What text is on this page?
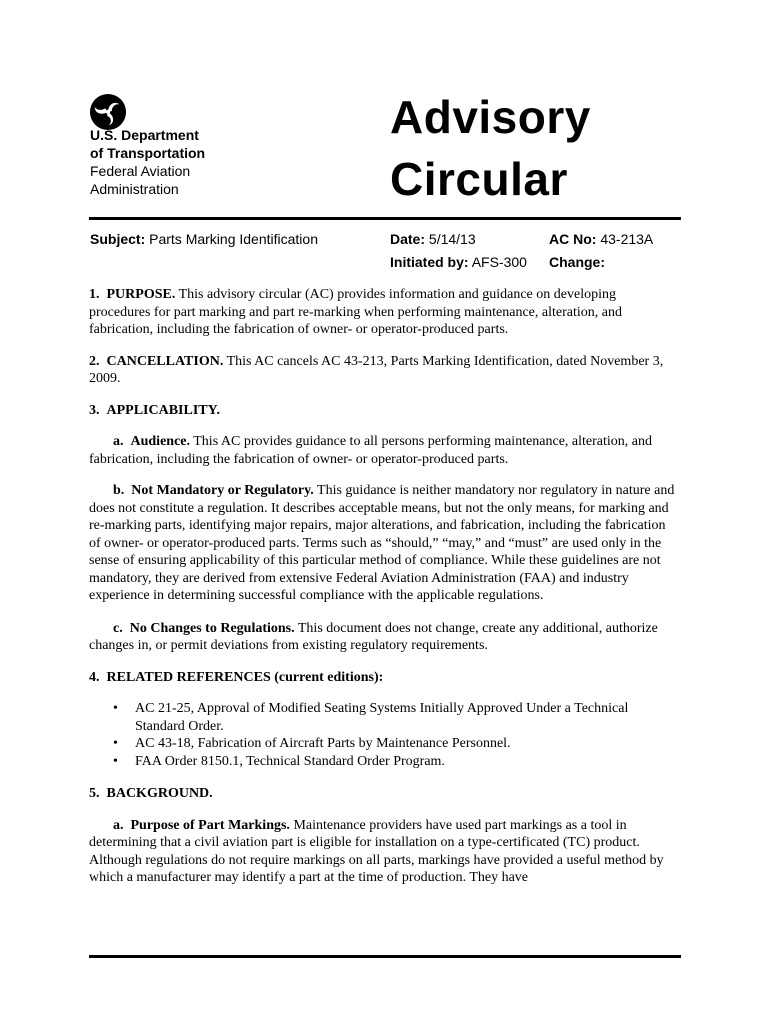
U.S. Department
of Transportation
Federal Aviation
Administration
Advisory
Circular
Subject: Parts Marking Identification	Date: 5/14/13	AC No: 43-213A
Initiated by: AFS-300 Change:

1. PURPOSE. This advisory circular (AC) provides information and guidance on developing procedures for part marking and part re-marking when performing maintenance, alteration, and fabrication, including the fabrication of owner- or operator-produced parts.

2. CANCELLATION. This AC cancels AC 43-213, Parts Marking Identification, dated November 3, 2009.

3. APPLICABILITY.

a. Audience. This AC provides guidance to all persons performing maintenance, alteration, and fabrication, including the fabrication of owner- or operator-produced parts.

b. Not Mandatory or Regulatory. This guidance is neither mandatory nor regulatory in nature and does not constitute a regulation. It describes acceptable means, but not the only means, for marking and re-marking parts, identifying major repairs, major alterations, and fabrication, including the fabrication of owner- or operator-produced parts. Terms such as “should,” “may,” and “must” are used only in the sense of ensuring applicability of this particular method of compliance. While these guidelines are not mandatory, they are derived from extensive Federal Aviation Administration (FAA) and industry experience in determining successful compliance with the applicable regulations.

c. No Changes to Regulations. This document does not change, create any additional, authorize changes in, or permit deviations from existing regulatory requirements.

4. RELATED REFERENCES (current editions):

• AC 21-25, Approval of Modified Seating Systems Initially Approved Under a Technical Standard Order.
• AC 43-18, Fabrication of Aircraft Parts by Maintenance Personnel.
• FAA Order 8150.1, Technical Standard Order Program.

5. BACKGROUND.

a. Purpose of Part Markings. Maintenance providers have used part markings as a tool in determining that a civil aviation part is eligible for installation on a type-certificated (TC) product. Although regulations do not require markings on all parts, markings have provided a useful method by which a manufacturer may identify a part at the time of production. They have
